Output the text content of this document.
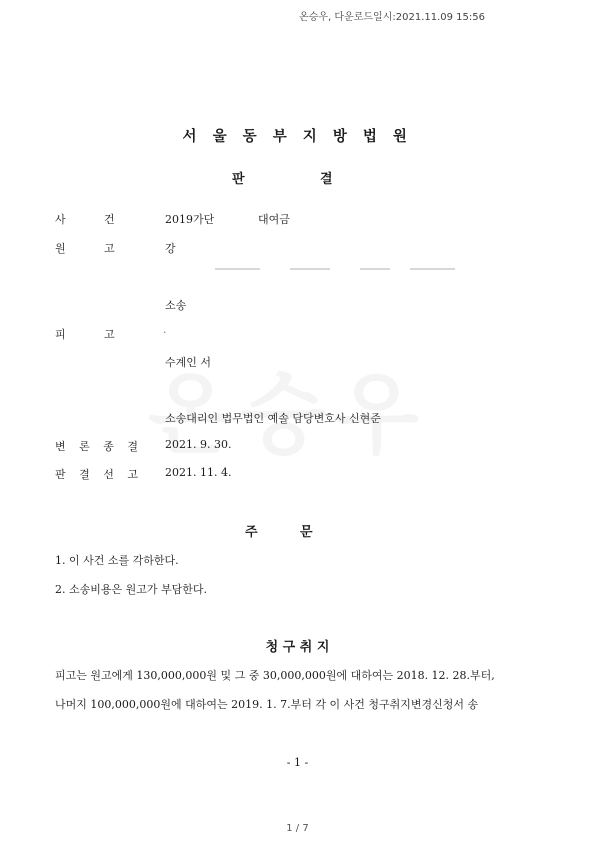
온승우, 다운로드일시:2021.11.09 15:56
서 울 동 부 지 방 법 원
판	결
사	건	2019가단	대여금
원	고	강
소송
피	고	·
수계인 서
소송대리인 법무법인 예솔 담당변호사 신현준
변 론 종 결 2021. 9. 30.
판 결 선 고 2021. 11. 4.
주	문
1. 이 사건 소를 각하한다.
2. 소송비용은 원고가 부담한다.
청 구 취 지
피고는 원고에게 130,000,000원 및 그 중 30,000,000원에 대하여는 2018. 12. 28.부터,
나머지 100,000,000원에 대하여는 2019. 1. 7.부터 각 이 사건 청구취지변경신청서 송
- 1 -
1 / 7
